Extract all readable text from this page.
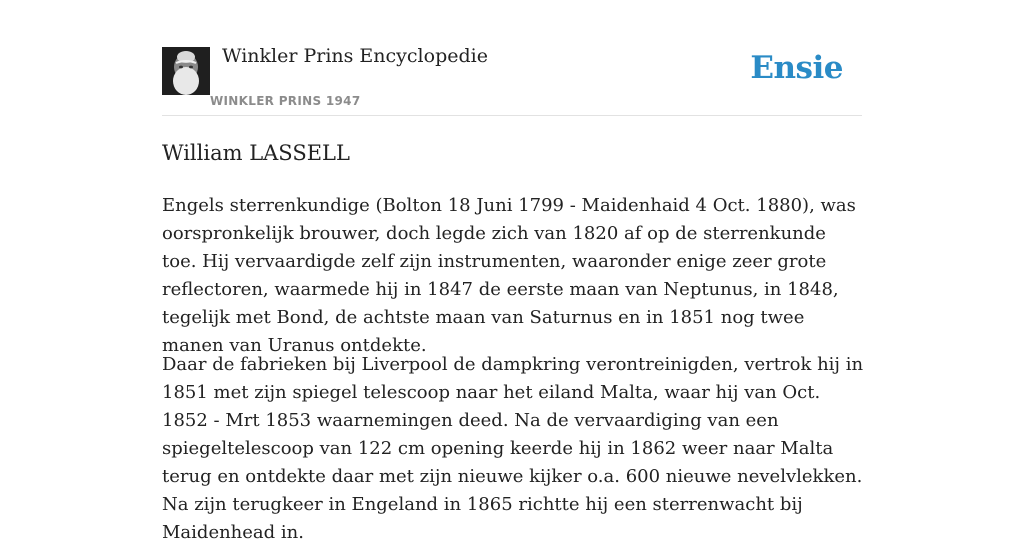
Winkler Prins Encyclopedie
WINKLER PRINS 1947
Ensie
William LASSELL

Engels sterrenkundige (Bolton 18 Juni 1799 - Maidenhaid 4 Oct. 1880), was oorspronkelijk brouwer, doch legde zich van 1820 af op de sterrenkunde toe. Hij vervaardigde zelf zijn instrumenten, waaronder enige zeer grote reflectoren, waarmede hij in 1847 de eerste maan van Neptunus, in 1848, tegelijk met Bond, de achtste maan van Saturnus en in 1851 nog twee manen van Uranus ontdekte.

Daar de fabrieken bij Liverpool de dampkring verontreinigden, vertrok hij in 1851 met zijn spiegel telescoop naar het eiland Malta, waar hij van Oct. 1852 - Mrt 1853 waarnemingen deed. Na de vervaardiging van een spiegeltelescoop van 122 cm opening keerde hij in 1862 weer naar Malta terug en ontdekte daar met zijn nieuwe kijker o.a. 600 nieuwe nevelvlekken. Na zijn terugkeer in Engeland in 1865 richtte hij een sterrenwacht bij Maidenhead in.
